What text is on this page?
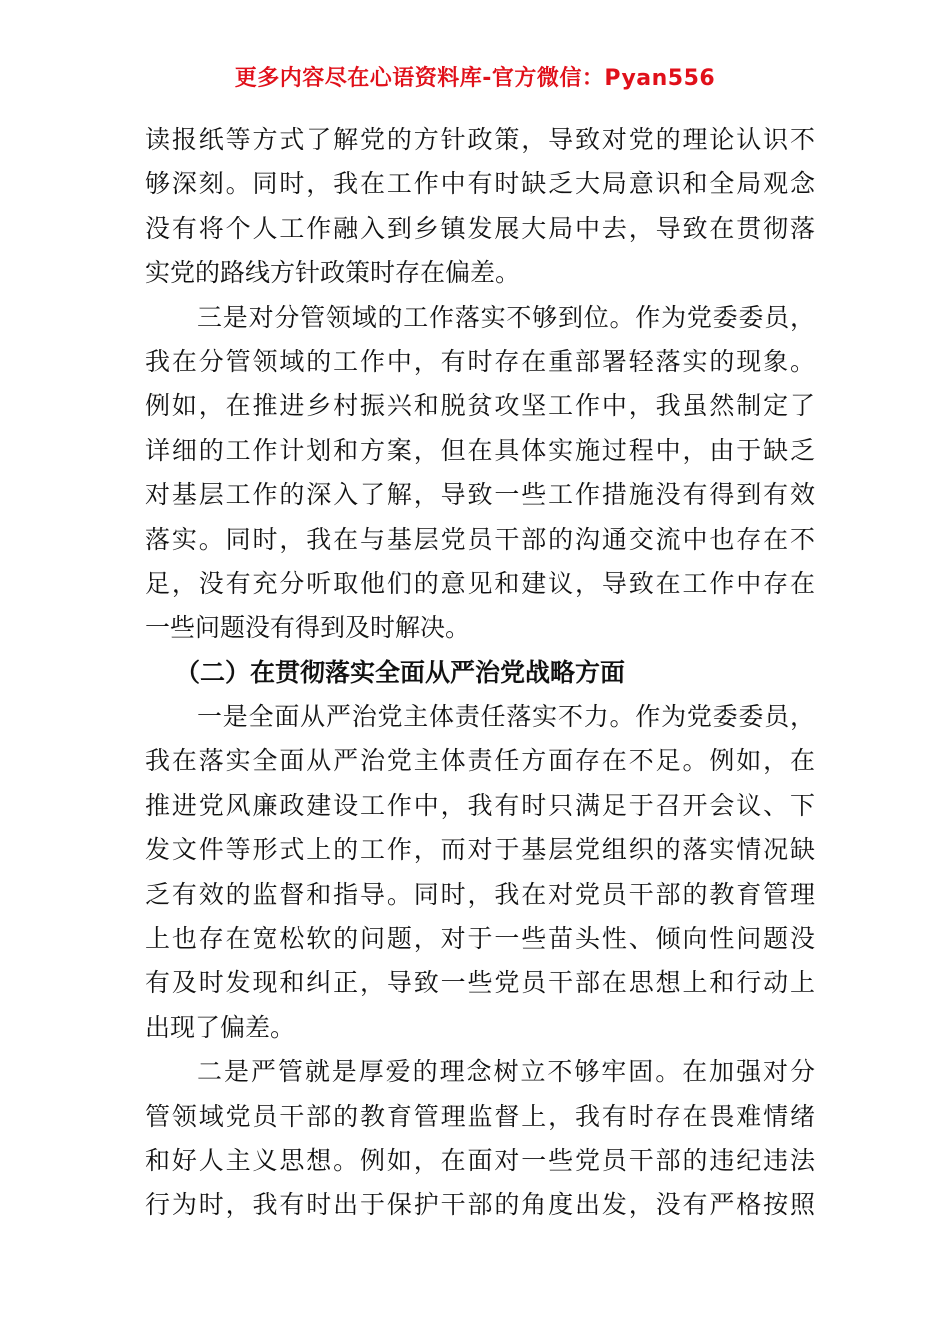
更多内容尽在心语资料库-官方微信：Pyan556
读报纸等方式了解党的方针政策，导致对党的理论认识不
够深刻。同时，我在工作中有时缺乏大局意识和全局观念
没有将个人工作融入到乡镇发展大局中去，导致在贯彻落
实党的路线方针政策时存在偏差。
三是对分管领域的工作落实不够到位。作为党委委员，
我在分管领域的工作中，有时存在重部署轻落实的现象。
例如，在推进乡村振兴和脱贫攻坚工作中，我虽然制定了
详细的工作计划和方案，但在具体实施过程中，由于缺乏
对基层工作的深入了解，导致一些工作措施没有得到有效
落实。同时，我在与基层党员干部的沟通交流中也存在不
足，没有充分听取他们的意见和建议，导致在工作中存在
一些问题没有得到及时解决。
（二）在贯彻落实全面从严治党战略方面
一是全面从严治党主体责任落实不力。作为党委委员，
我在落实全面从严治党主体责任方面存在不足。例如，在
推进党风廉政建设工作中，我有时只满足于召开会议、下
发文件等形式上的工作，而对于基层党组织的落实情况缺
乏有效的监督和指导。同时，我在对党员干部的教育管理
上也存在宽松软的问题，对于一些苗头性、倾向性问题没
有及时发现和纠正，导致一些党员干部在思想上和行动上
出现了偏差。
二是严管就是厚爱的理念树立不够牢固。在加强对分
管领域党员干部的教育管理监督上，我有时存在畏难情绪
和好人主义思想。例如，在面对一些党员干部的违纪违法
行为时，我有时出于保护干部的角度出发，没有严格按照
